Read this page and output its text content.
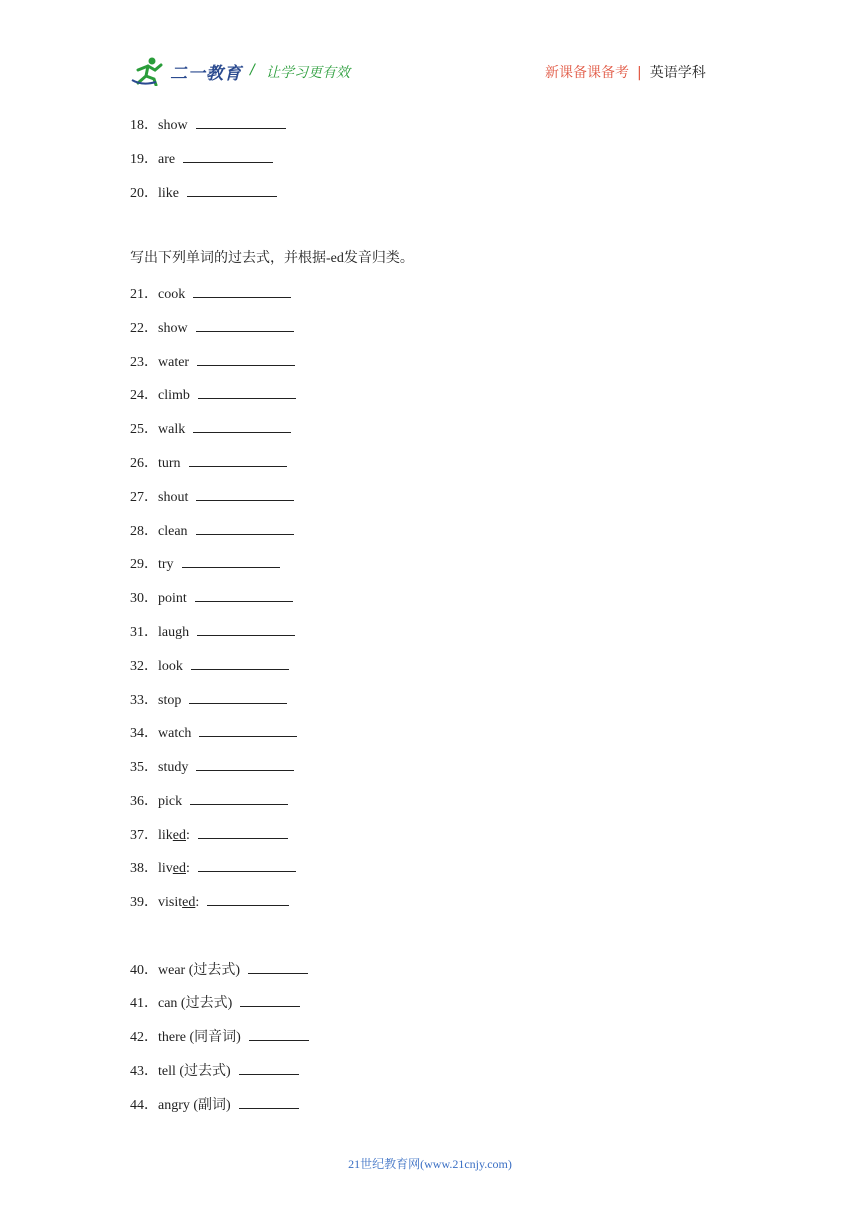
二一教育 / 让学习更有效	新课备课备考 | 英语学科
18．show
19．are
20．like
写出下列单词的过去式，并根据-ed发音归类。
21．cook
22．show
23．water
24．climb
25．walk
26．turn
27．shout
28．clean
29．try
30．point
31．laugh
32．look
33．stop
34．watch
35．study
36．pick
37．liked:
38．lived:
39．visited:
40．wear (过去式)
41．can (过去式)
42．there (同音词)
43．tell (过去式)
44．angry (副词)
21世纪教育网(www.21cnjy.com)
